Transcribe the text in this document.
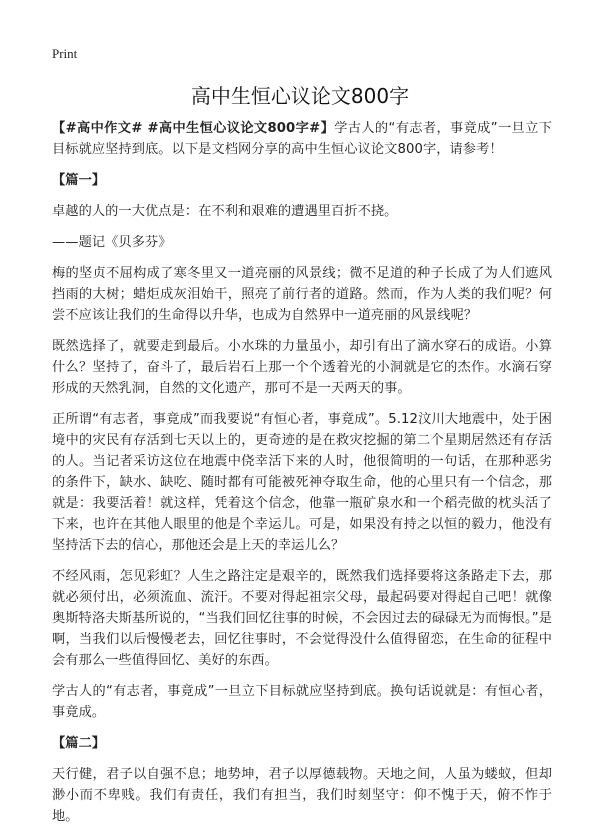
Print
高中生恒心议论文800字

【#高中作文# #高中生恒心议论文800字#】学古人的“有志者，事竟成”一旦立下目标就应坚持到底。以下是文档网分享的高中生恒心议论文800字，请参考！

【篇一】

卓越的人的一大优点是：在不利和艰难的遭遇里百折不挠。

——题记《贝多芬》

梅的坚贞不屈构成了寒冬里又一道亮丽的风景线；微不足道的种子长成了为人们遮风挡雨的大树；蜡炬成灰泪始干，照亮了前行者的道路。然而，作为人类的我们呢？何尝不应该让我们的生命得以升华，也成为自然界中一道亮丽的风景线呢？

既然选择了，就要走到最后。小水珠的力量虽小，却引有出了滴水穿石的成语。小算什么？坚持了，奋斗了，最后岩石上那一个个透着光的小洞就是它的杰作。水滴石穿形成的天然乳洞，自然的文化遗产，那可不是一天两天的事。

正所谓“有志者，事竟成”而我要说“有恒心者，事竟成”。5.12汶川大地震中，处于困境中的灾民有存活到七天以上的，更奇迹的是在救灾挖掘的第二个星期居然还有存活的人。当记者采访这位在地震中侥幸活下来的人时，他很简明的一句话，在那种恶劣的条件下，缺水、缺吃、随时都有可能被死神夺取生命，他的心里只有一个信念，那就是：我要活着！就这样，凭着这个信念，他靠一瓶矿泉水和一个稻壳做的枕头活了下来，也许在其他人眼里的他是个幸运儿。可是，如果没有持之以恒的毅力，他没有坚持活下去的信心，那他还会是上天的幸运儿么？

不经风雨，怎见彩虹？人生之路注定是艰辛的，既然我们选择要将这条路走下去，那就必须付出，必须流血、流汗。不要对得起祖宗父母，最起码要对得起自己吧！就像奥斯特洛夫斯基所说的，“当我们回忆往事的时候，不会因过去的碌碌无为而悔恨。”是啊，当我们以后慢慢老去，回忆往事时，不会觉得没什么值得留恋，在生命的征程中会有那么一些值得回忆、美好的东西。

学古人的“有志者，事竟成”一旦立下目标就应坚持到底。换句话说就是：有恒心者，事竟成。

【篇二】

天行健，君子以自强不息；地势坤，君子以厚德载物。天地之间，人虽为蝼蚁，但却渺小而不卑贱。我们有责任，我们有担当，我们时刻坚守：仰不愧于天，俯不怍于地。
